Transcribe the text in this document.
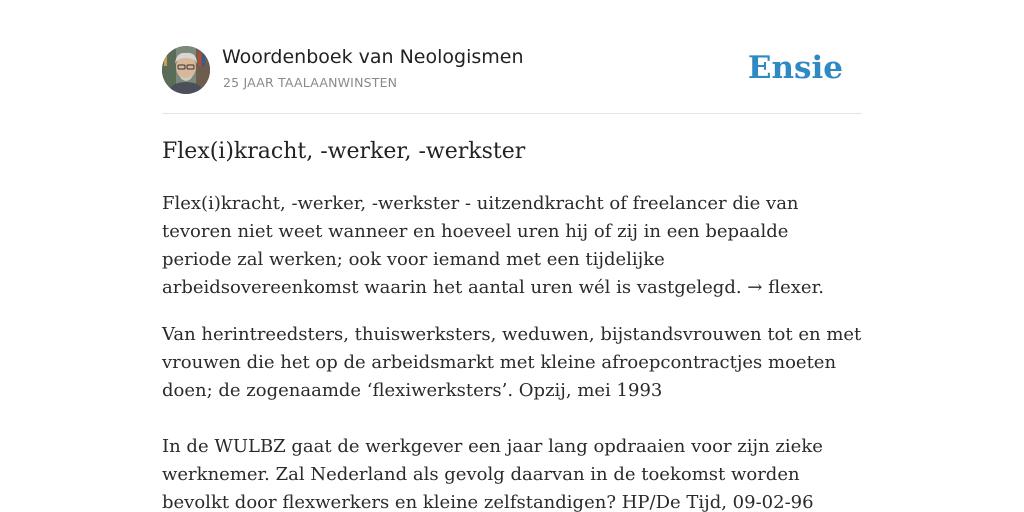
Woordenboek van Neologismen
25 JAAR TAALAANWINSTEN	Ensie
Flex(i)kracht, -werker, -werkster

Flex(i)kracht, -werker, -werkster - uitzendkracht of freelancer die van tevoren niet weet wanneer en hoeveel uren hij of zij in een bepaalde periode zal werken; ook voor iemand met een tijdelijke arbeidsovereenkomst waarin het aantal uren wél is vastgelegd. → flexer.

Van herintreedsters, thuiswerksters, weduwen, bijstandsvrouwen tot en met vrouwen die het op de arbeidsmarkt met kleine afroepcontractjes moeten doen; de zogenaamde ‘flexiwerksters’. Opzij, mei 1993

In de WULBZ gaat de werkgever een jaar lang opdraaien voor zijn zieke werknemer. Zal Nederland als gevolg daarvan in de toekomst worden bevolkt door flexwerkers en kleine zelfstandigen? HP/De Tijd, 09-02-96
